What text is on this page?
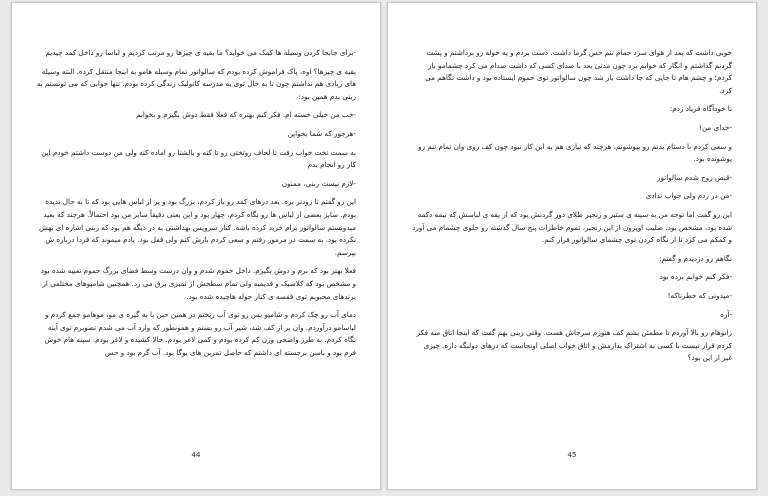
-برای جابجا کردن وسیله ها کمک می خواید؟ ما بقیه ی چیزها رو مرتب کردیم و لباسا رو داخل کمد چیدیم

بقیه ی چیزها؟ اوه، پاک فراموش کرده بودم که سالواتور تمام وسیله هامو به اینجا منتقل کرده. البته وسیله های زیادی هم نداشتم چون تا به حال توی یه مدرسه کاتولیک زندگی کرده بودم. تنها جوابی که می تونستم به ربنی بدم همین بود:

-خب من خیلی خسته ام. فکر کنم بهتره که فعلا فقط دوش بگیرم و بخوابم

-هرجور که شما بخواین

به سمت تخت خواب رفت تا لحاف روتختی رو تا کنه و بالشتا رو اماده کنه ولی من دوست داشتم خودم این کار رو انجام بدم

-لازم نیست ربنی، ممنون

این رو گفتم تا زودتر بره. بعد درهای کمد رو باز کردم، بزرگ بود و پر از لباس هایی بود که تا به حال ندیده بودم. سایز بعضی از لباس ها رو نگاه کردم، چهار بود و این یعنی دقیقاً سایز من بود احتمالاً. هرچند که بعید میدونستم سالواتور برام خرید کرده باشه. کنار سرویس بهداشتی به در دیگه هم بود که ربنی اشاره ای بهش نکرده بود. به سمت در مرموز رفتم و سعی کردم بازش کنم ولی قفل بود. یادم میموند که فردا درباره ش بپرسم.

فعلا بهتر بود که برم و دوش بگیرم. داخل حموم شدم و وان درست وسط فضای بزرگ حموم تعبیه شده بود و مشخص بود که کلاسیک و قدیمیه ولی تمام سطحش از تمیزی برق می زد. همچنین شامپوهای مختلفی از برندهای محبوبم توی قفسه ی کنار حوله هاچیده شده بود.

دمای آب رو چک کردم و شامپو بس رو توی آب ریختم در همین حین با یه گیره ی مو، موهامو جمع کردم و لباسامو درآوردم. وان پر از کف شد، شیر آب رو بستم و همونطور که وارد آب می شدم تصویرم توی آینه نگاه کردم. به طرز واضحی وزن کم کرده بودم و کمی لاغر بودم. حالا کشیده و لاغر بودم. سینه هام خوش فرم بود و باسن برجسته ای داشتم که حاصل تمرین های یوگا بود. آب گرم بود و حس

44

خوبی داشت که بعد از هوای سرد حمام تنم حس گرما داشت. دست بردم و یه حوله رو برداشتم و پشت گردنم گذاشتم و انگار که خوابم برد چون مدتی بعد با صدای کسی که داشت صدام می کرد چشمامو باز کردم؛ و چشم هام تا جایی که جا داشت باز شد چون سالواتور توی حموم ایستاده بود و داشت نگاهم می کرد.

نا خودآگاه فریاد زدم:

-خدای من!

و سعی کردم با دستام بدنم رو بپوشونم، هرچند که نیازی هم به این کار نبود چون کف روی وان تمام تنم رو پوشونده بود.

-قبض روح شدم سالواتور

-من در زدم ولی جواب ندادی

این رو گفت اما توجه من به سینه ی ستبر و زنجیر طلای دور گردنش بود که از یقه ی لباسش که نیمه دکمه شده بود، مشخص بود. صلیب اویزون از این زنجیر، تموم خاطرات پنج سال گذشته رو جلوی چشمام می آورد و کمکم می کرد تا از نگاه کردن توی چشمای سالواتور فرار کنم.

نگاهم رو دزدیدم و گفتم:

-فکر کنم خوابم برده بود

-میدونی که خطرناکه!

-آره

زانوهام رو بالا آوردم تا مطمئن بشم کف هنوزم سرجاش هست. وقتی ربنی بهم گفت که اینجا اتاق منه فکر کردم قرار نیست با کسی به اشتراک بذارمش و اتاق خواب اصلی اونجاست که درهای دولنگه داره. چیزی غیر از این بود؟

45
